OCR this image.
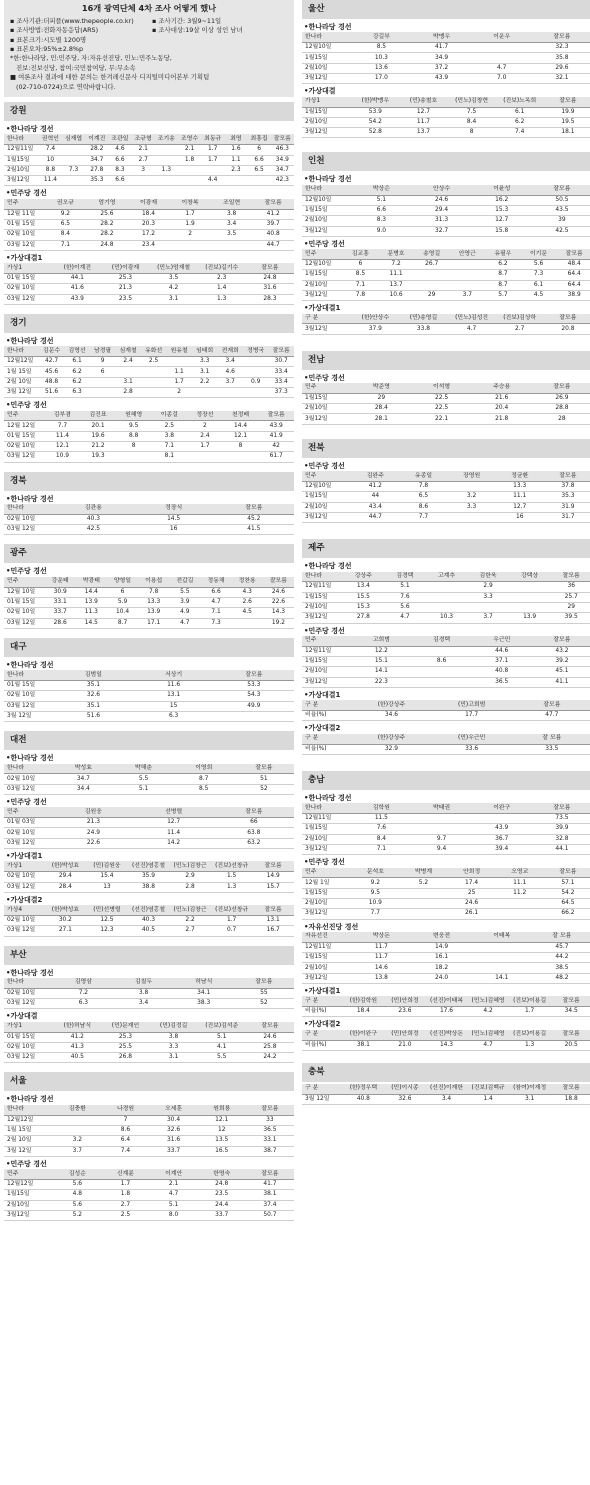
16개 광역단체 4차 조사 어떻게 했나
▪ 조사기관:더피플(www.thepeople.co.kr)	▪ 조사기간: 3월9~11일
▪ 조사방법:전화자동응답(ARS)	▪ 조사대상:19살 이상 성인 남녀
▪ 표본크기:시도별 1200명
▪ 표본오차:95%±2.8%p
*한:한나라당, 민:민주당, 자:자유선진당, 민노:민주노동당,
진보:진보신당, 참여:국민참여당, 무:무소속
■ 여론조사 결과에 대한 문의는 한겨레신문사 디지털미디어본부 기획팀
(02-710-0724)으로 연락바랍니다.
강원
• 한나라당 경선
한나라	권혁인	심재엽	이계진	조관일	조규형	조기송	조영수	최동규	최명	최흥집	잘모름
12월11일	7.4		28.2	4.6	2.1		2.1	1.7	1.6	6	46.3
1월15일	10		34.7	6.6	2.7		1.8	1.7	1.1	6.6	34.9
2월10일	8.8	7.3	27.8	8.3	3	1.3			2.3	6.5	34.7
3월12일	11.4		35.3	6.6				4.4			42.3
• 민주당 경선
민주	권오규	엄기영	이광재	이창복	조일현	잘모름
12월 11일	9.2	25.6	18.4	1.7	3.8	41.2
01월 15일	6.5	28.2	20.3	1.9	3.4	39.7
02월 10일	8.4	28.2	17.2	2	3.5	40.8
03월 12일	7.1	24.8	23.4			44.7
• 가상대결1
가상1	(한)이계진	(민)이광재	(민노)엄재철	(진보)길기수	잘모름
01월 15일	44.1	25.3	3.5	2.3	24.8
02월 10일	41.6	21.3	4.2	1.4	31.6
03월 12일	43.9	23.5	3.1	1.3	28.3
경기
• 한나라당 경선
한나라	김문수	김영선	남경필	심재철	유화선	원유철	임태희	전재희	정병국	잘모름
12월12일	42.7	6.1	9	2.4	2.5		3.3	3.4		30.7
1월 15일	45.6	6.2	6			1.1	3.1	4.6		33.4
2월 10일	48.8	6.2		3.1		1.7	2.2	3.7	0.9	33.4
3월 12일	51.6	6.3		2.8		2				37.3
• 민주당 경선
민주	김부겸	김진표	원혜영	이종걸	정장선	천정배	잘모름
12월 12일	7.7	20.1	9.5	2.5	2	14.4	43.9
01월 15일	11.4	19.6	8.8	3.8	2.4	12.1	41.9
02월 10일	12.1	21.2	8	7.1	1.7	8	42
03월 12일	10.9	19.3		8.1			61.7
경북
• 한나라당 경선
한나라	김관용	정장식	잘모름
02월 10일	40.3	14.5	45.2
03월 12일	42.5	16	41.5
광주
• 민주당 경선
민주	강운태	박광태	양형일	이용섭	전갑길	정동채	정찬용	잘모름
12월 10일	30.9	14.4	6	7.8	5.5	6.6	4.3	24.6
01월 15일	33.1	13.9	5.9	13.3	3.9	4.7	2.6	22.6
02월 10일	33.7	11.3	10.4	13.9	4.9	7.1	4.5	14.3
03월 12일	28.6	14.5	8.7	17.1	4.7	7.3		19.2
대구
• 한나라당 경선
한나라	김범일	서상기	잘모름
01월 15일	35.1	11.6	53.3
02월 10일	32.6	13.1	54.3
03월 12일	35.1	15	49.9
3월 12일	51.6	6.3	
대전
• 한나라당 경선
한나라	박성효	박해춘	이영희	잘모름
02월 10일	34.7	5.5	8.7	51
03월 12일	34.4	5.1	8.5	52
• 민주당 경선
민주	김원웅	선병렬	잘모름
01월 03일	21.3	12.7	66
02월 10일	24.9	11.4	63.8
03월 12일	22.6	14.2	63.2
• 가상대결1
가상1	(한)박성효	(민)김원웅	(선진)염홍철	(민노)김창근	(진보)선창규	잘모름
02월 10일	29.4	15.4	35.9	2.9	1.5	14.9
03월 12일	28.4	13	38.8	2.8	1.3	15.7
• 가상대결2
가상4	(한)박성효	(민)선병렬	(선진)염홍철	(민노)김창근	(진보)선창규	잘모름
02월 10일	30.2	12.5	40.3	2.2	1.7	13.1
03월 12일	27.1	12.3	40.5	2.7	0.7	16.7
부산
• 한나라당 경선
한나라	김영삼	김칠두	허남식	잘모름
02월 10일	7.2	3.8	34.1	55
03월 12일	6.3	3.4	38.3	52
• 가상대결
가상1	(한)허남식	(민)문재인	(민)김정길	(진보)김석준	잘모름
01월 15일	41.2	25.3	3.8	5.1	24.6
02월 10일	41.3	25.5	3.3	4.1	25.8
03월 12일	40.5	26.8	3.1	5.5	24.2
서울
• 한나라당 경선
한나라	김충환	나경원	오세훈	원희룡	잘모름
12월12일		7	30.4	12.1	33
1월 15일		8.6	32.6	12	36.5
2월 10일	3.2	6.4	31.6	13.5	33.1
3월 12일	3.7	7.4	33.7	16.5	38.7
• 민주당 경선
민주	김성순	신계륜	이계안	한명숙	잘모름
12월12일	5.6	1.7	2.1	24.8	41.7
1월15일	4.8	1.8	4.7	23.5	38.1
2월10일	5.6	2.7	5.1	24.4	37.4
3월12일	5.2	2.5	8.0	33.7	50.7
울산
• 한나라당 경선
한나라	강길부	박맹우	이운우	잘모름
12월10일	8.5	41.7		32.3
1월15일	10.3	34.9		35.8
2월10일	13.6	37.2	4.7	29.6
3월12일	17.0	43.9	7.0	32.1
• 가상대결
가상1	(한)박맹우	(민)송철호	(민노)김창현	(진보)노옥희	잘모름
1월15일	53.9	12.7	7.5	6.1	19.9
2월10일	54.2	11.7	8.4	6.2	19.5
3월12일	52.8	13.7	8	7.4	18.1
인천
• 한나라당 경선
한나라	박상은	안상수	이윤성	잘모름
12월10일	5.1	24.6	16.2	50.5
1월15일	6.6	29.4	15.3	43.5
2월10일	8.3	31.3	12.7	39
3월12일	9.0	32.7	15.8	42.5
• 민주당 경선
민주	김교흥	문병호	송영길	안영근	유필우	이기문	잘모름
12월10일	6	7.2	26.7		6.2	5.6	48.4
1월15일	8.5	11.1			8.7	7.3	64.4
2월10일	7.1	13.7			8.7	6.1	64.4
3월12일	7.8	10.6	29	3.7	5.7	4.5	38.9
• 가상대결1
구 분	(한)안상수	(민)송영길	(민노)김성진	(진보)김상하	잘모름
3월12일	37.9	33.8	4.7	2.7	20.8
전남
• 민주당 경선
민주	박준영	이석형	주승용	잘모름
1월15일	29	22.5	21.6	26.9
2월10일	28.4	22.5	20.4	28.8
3월12일	28.1	22.1	21.8	28
전북
• 민주당 경선
민주	김완주	유종일	장영원	정균환	잘모름
12월10일	41.2	7.8		13.3	37.8
1월15일	44	6.5	3.2	11.1	35.3
2월10일	43.4	8.6	3.3	12.7	31.9
3월12일	44.7	7.7		16	31.7
제주
• 한나라당 경선
한나라	강상주	김경택	고계추	김한욱	강택상	잘모름
12월11일	13.4	5.1		2.9		36
1월15일	15.5	7.6		3.3		25.7
2월10일	15.3	5.6				29
3월12일	27.8	4.7	10.3	3.7	13.9	39.5
• 민주당 경선
민주	고희범	김경택	우근민	잘모름
12월11일	12.2		44.6	43.2
1월15일	15.1	8.6	37.1	39.2
2월10일	14.1		40.8	45.1
3월12일	22.3		36.5	41.1
• 가상대결1
구 분	(한)강상주	(민)고희범	잘모름
비율(%)	34.6	17.7	47.7
• 가상대결2
구 분	(한)강상주	(민)우근민	잘 모름
비율(%)	32.9	33.6	33.5
충남
• 한나라당 경선
한나라	김학원	박태권	이완구	잘모름
12월11일	11.5			73.5
1월15일	7.6		43.9	39.9
2월10일	8.4	9.7	36.7	32.8
3월12일	7.1	9.4	39.4	44.1
• 민주당 경선
민주	문석호	박병계	안희정	오영교	잘모름
12월 1일	9.2	5.2	17.4	11.1	57.1
1월15일	9.5		25	11.2	54.2
2월10일	10.9		24.6		64.5
3월12일	7.7		26.1		66.2
• 자유선진당 경선
자유선진	박상돈	변웅전	이태복	잘 모름
12월11일	11.7	14.9		45.7
1월15일	11.7	16.1		44.2
2월10일	14.6	18.2		38.5
3월12일	13.8	24.0	14.1	48.2
• 가상대결1
구 분	(한)김학원	(민)안희정	(선진)이태복	(민노)김혜영	(진보)이용길	잘모름
비율(%)	18.4	23.6	17.6	4.2	1.7	34.5
• 가상대결2
구 분	(한)이완구	(민)안희정	(선진)박상돈	(민노)김혜영	(진보)이용길	잘모름
비율(%)	38.1	21.0	14.3	4.7	1.3	20.5
충북
구 분	(한)정우택	(민)이시종	(선진)이재한	(진보)김백규	(참여)이재정	잘모름
3월 12일	40.8	32.6	3.4	1.4	3.1	18.8
